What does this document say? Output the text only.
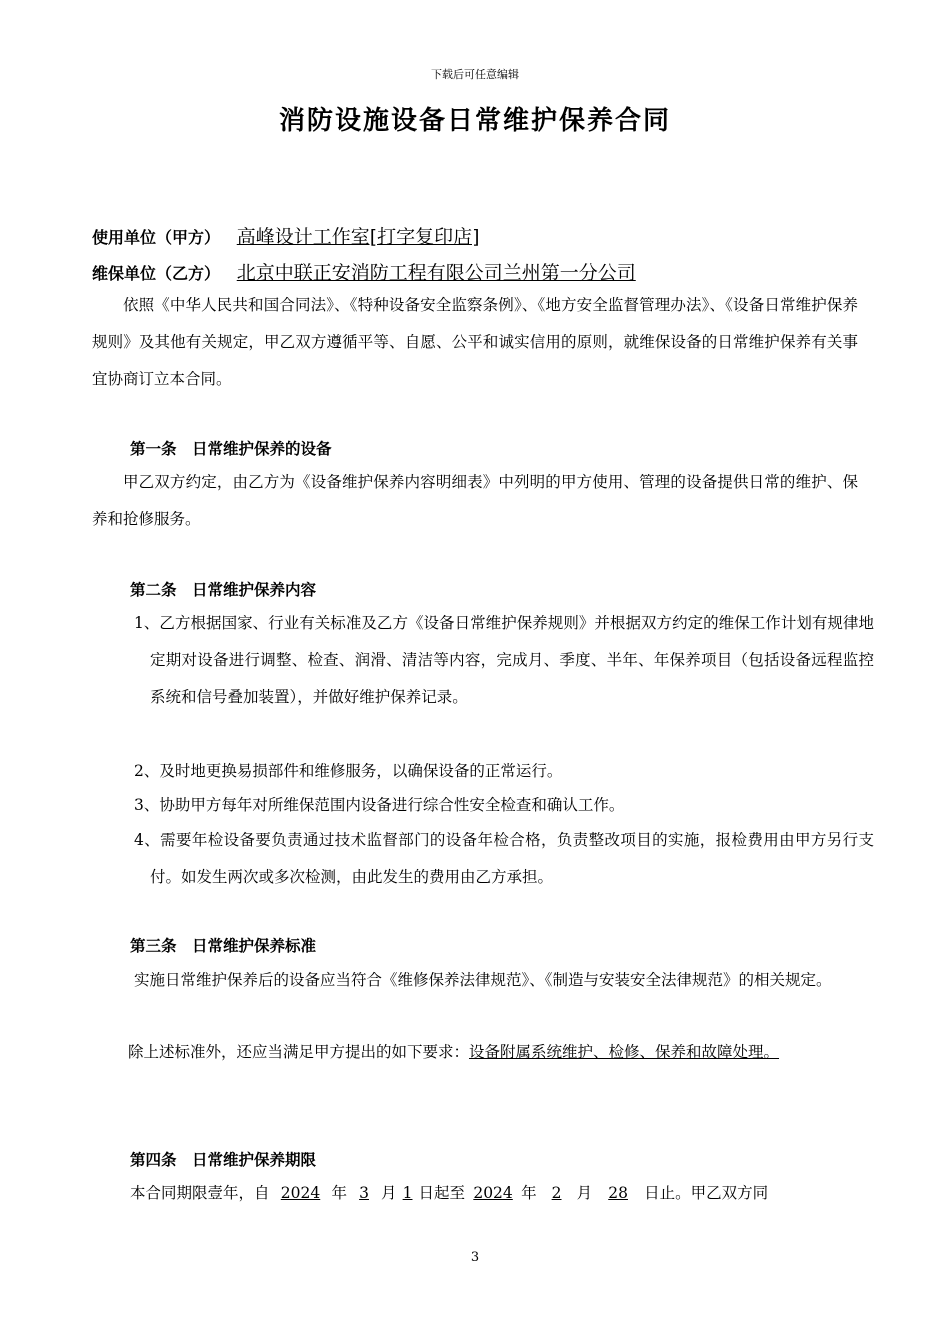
下载后可任意编辑
消防设施设备日常维护保养合同
使用单位（甲方） 高峰设计工作室[打字复印店]
维保单位（乙方） 北京中联正安消防工程有限公司兰州第一分公司
依照《中华人民共和国合同法》、《特种设备安全监察条例》、《地方安全监督管理办法》、《设备日常维护保养规则》及其他有关规定，甲乙双方遵循平等、自愿、公平和诚实信用的原则，就维保设备的日常维护保养有关事宜协商订立本合同。
第一条　日常维护保养的设备
甲乙双方约定，由乙方为《设备维护保养内容明细表》中列明的甲方使用、管理的设备提供日常的维护、保养和抢修服务。
第二条　日常维护保养内容
1、乙方根据国家、行业有关标准及乙方《设备日常维护保养规则》并根据双方约定的维保工作计划有规律地定期对设备进行调整、检查、润滑、清洁等内容，完成月、季度、半年、年保养项目（包括设备远程监控系统和信号叠加装置），并做好维护保养记录。
2、及时地更换易损部件和维修服务，以确保设备的正常运行。
3、协助甲方每年对所维保范围内设备进行综合性安全检查和确认工作。
4、需要年检设备要负责通过技术监督部门的设备年检合格，负责整改项目的实施，报检费用由甲方另行支付。如发生两次或多次检测，由此发生的费用由乙方承担。
第三条　日常维护保养标准
实施日常维护保养后的设备应当符合《维修保养法律规范》、《制造与安装安全法律规范》的相关规定。
除上述标准外，还应当满足甲方提出的如下要求：设备附属系统维护、检修、保养和故障处理。
第四条　日常维护保养期限
本合同期限壹年，自 2024 年 3 月 1 日起至 2024 年 2 月 28 日止。甲乙双方同
3
